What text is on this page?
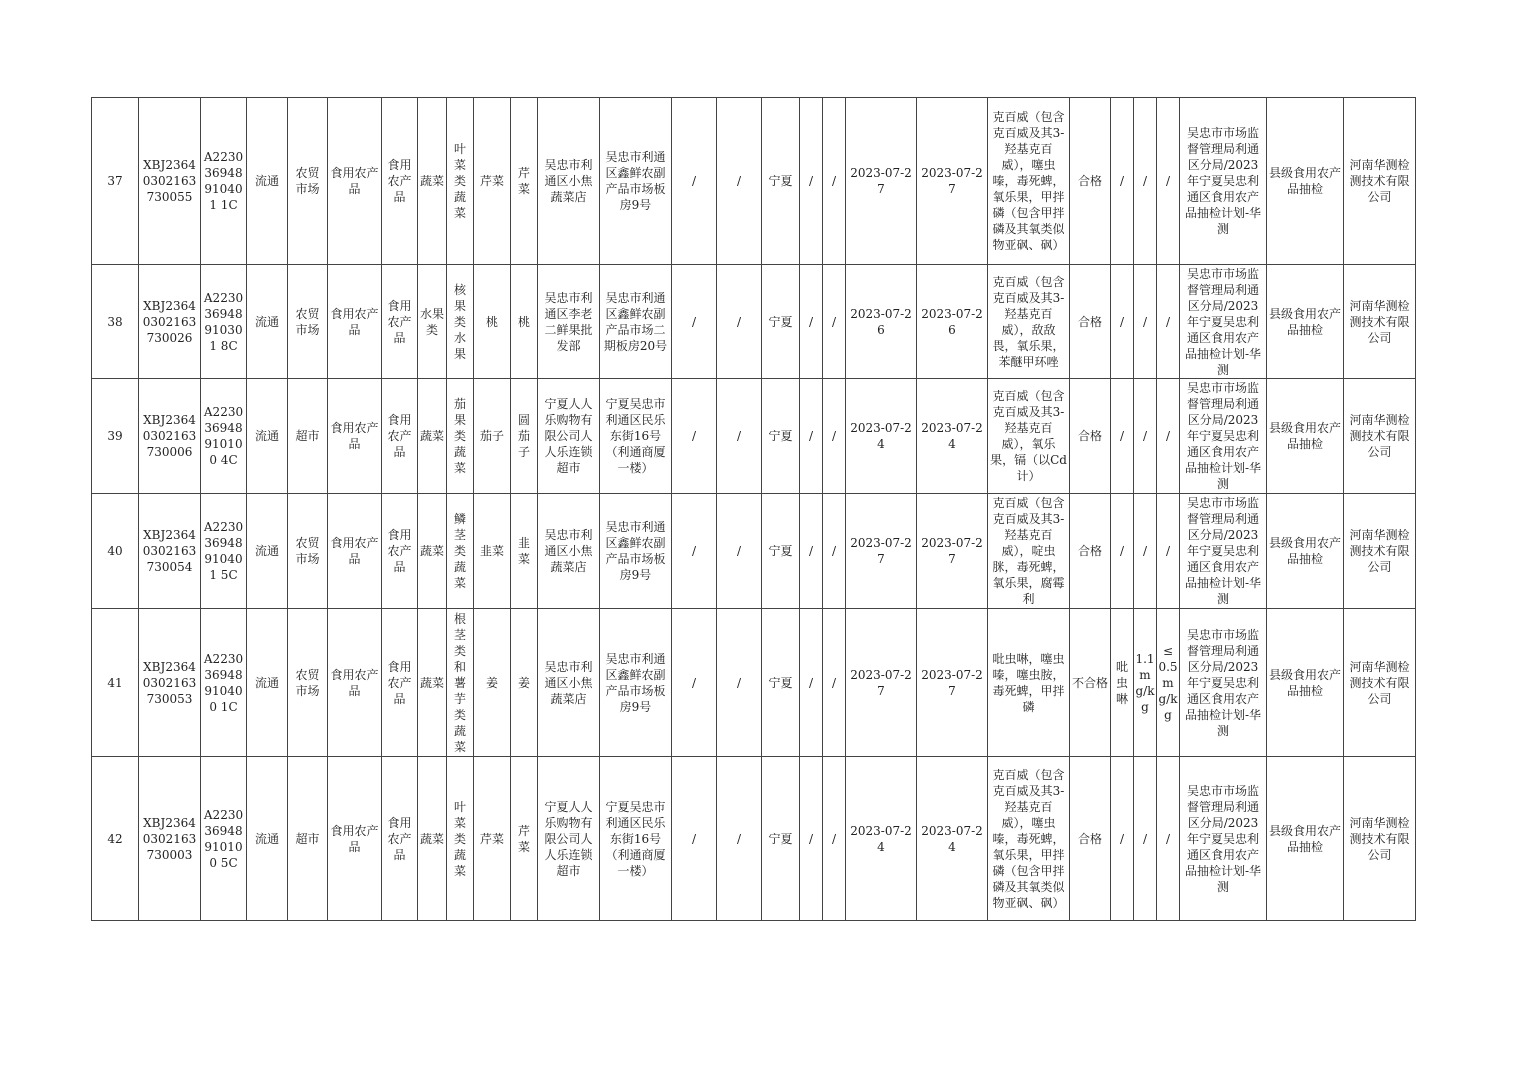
37	XBJ23640302163730055	A223036948910401 1C	流通	农贸市场	食用农产品	食用农产品	蔬菜	叶菜类蔬菜	芹菜	芹菜	吴忠市利通区小焦蔬菜店	吴忠市利通区鑫鲜农副产品市场板房9号	/	/	宁夏	/	/	2023-07-27	2023-07-27	克百威（包含克百威及其3-羟基克百威），噻虫嗪，毒死蜱，氧乐果，甲拌磷（包含甲拌磷及其氧类似物亚砜、砜）	合格	/	/	/	吴忠市市场监督管理局利通区分局/2023年宁夏吴忠利通区食用农产品抽检计划-华测	县级食用农产品抽检	河南华测检测技术有限公司
38	XBJ23640302163730026	A223036948910301 8C	流通	农贸市场	食用农产品	食用农产品	水果类	核果类水果	桃	桃	吴忠市利通区李老二鲜果批发部	吴忠市利通区鑫鲜农副产品市场二期板房20号	/	/	宁夏	/	/	2023-07-26	2023-07-26	克百威（包含克百威及其3-羟基克百威），敌敌畏，氧乐果，苯醚甲环唑	合格	/	/	/	吴忠市市场监督管理局利通区分局/2023年宁夏吴忠利通区食用农产品抽检计划-华测	县级食用农产品抽检	河南华测检测技术有限公司
39	XBJ23640302163730006	A223036948910100 4C	流通	超市	食用农产品	食用农产品	蔬菜	茄果类蔬菜	茄子	圆茄子	宁夏人人乐购物有限公司人人乐连锁超市	宁夏吴忠市利通区民乐东街16号（利通商厦一楼）	/	/	宁夏	/	/	2023-07-24	2023-07-24	克百威（包含克百威及其3-羟基克百威），氧乐果，镉（以Cd计）	合格	/	/	/	吴忠市市场监督管理局利通区分局/2023年宁夏吴忠利通区食用农产品抽检计划-华测	县级食用农产品抽检	河南华测检测技术有限公司
40	XBJ23640302163730054	A223036948910401 5C	流通	农贸市场	食用农产品	食用农产品	蔬菜	鳞茎类蔬菜	韭菜	韭菜	吴忠市利通区小焦蔬菜店	吴忠市利通区鑫鲜农副产品市场板房9号	/	/	宁夏	/	/	2023-07-27	2023-07-27	克百威（包含克百威及其3-羟基克百威），啶虫脒，毒死蜱，氧乐果，腐霉利	合格	/	/	/	吴忠市市场监督管理局利通区分局/2023年宁夏吴忠利通区食用农产品抽检计划-华测	县级食用农产品抽检	河南华测检测技术有限公司
41	XBJ23640302163730053	A223036948910400 1C	流通	农贸市场	食用农产品	食用农产品	蔬菜	根茎类和薯芋类蔬菜	姜	姜	吴忠市利通区小焦蔬菜店	吴忠市利通区鑫鲜农副产品市场板房9号	/	/	宁夏	/	/	2023-07-27	2023-07-27	吡虫啉，噻虫嗪，噻虫胺，毒死蜱，甲拌磷	不合格	吡虫啉	1.1mg/kg	≤0.5mg/kg	吴忠市市场监督管理局利通区分局/2023年宁夏吴忠利通区食用农产品抽检计划-华测	县级食用农产品抽检	河南华测检测技术有限公司
42	XBJ23640302163730003	A223036948910100 5C	流通	超市	食用农产品	食用农产品	蔬菜	叶菜类蔬菜	芹菜	芹菜	宁夏人人乐购物有限公司人人乐连锁超市	宁夏吴忠市利通区民乐东街16号（利通商厦一楼）	/	/	宁夏	/	/	2023-07-24	2023-07-24	克百威（包含克百威及其3-羟基克百威），噻虫嗪，毒死蜱，氧乐果，甲拌磷（包含甲拌磷及其氧类似物亚砜、砜）	合格	/	/	/	吴忠市市场监督管理局利通区分局/2023年宁夏吴忠利通区食用农产品抽检计划-华测	县级食用农产品抽检	河南华测检测技术有限公司
